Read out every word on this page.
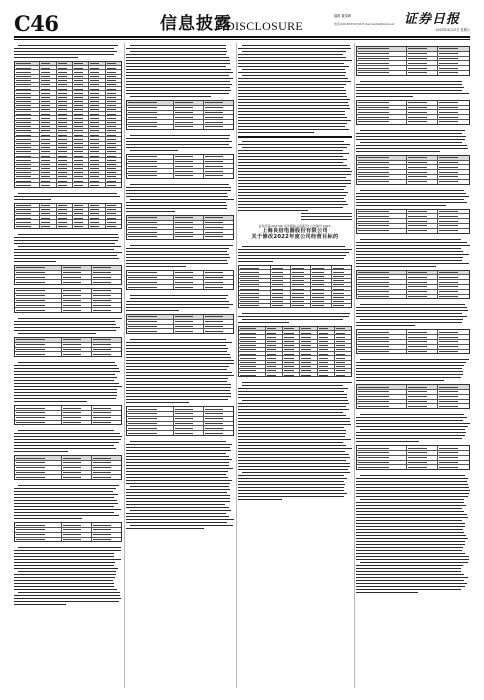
C46	信息披露
DISCLOSURE
编辑 董泰峰
电话:010-83251716 E-mail:zqrb9@zqrb.net 证券日报
2023年4月22日 星期六
证券代码:002706 证券简称:良信股份 公告编号:2023-
上海良信电器股份有限公司
关于修改2022年度公司经营目标的
